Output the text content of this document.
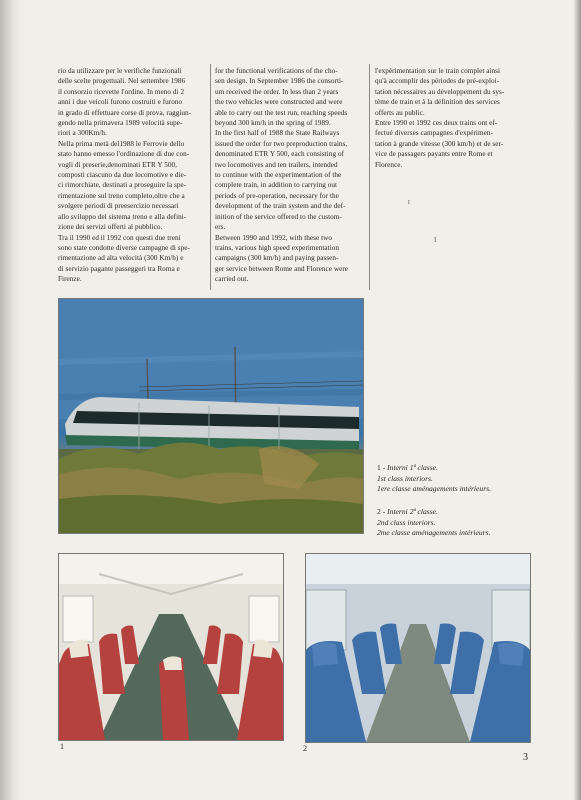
rio da utilizzare per le verifiche funzionali
delle scelte progettuali. Nel settembre 1986
il consorzio ricevette l'ordine. In meno di 2
anni i due veicoli furono costruiti e furono
in grado di effettuare corse di prova, raggiun-
gendo nella primavera 1989 velocità supe-
riori a 300Km/h.
Nella prima metà del1988 le Ferrovie dello
stato hanno emesso l'ordinazione di due con-
vogli di preserie,denominati ETR Y 500,
composti ciascuno da due locomotive e die-
ci rimorchiate, destinati a proseguire la spe-
rimentazione sul treno completo,oltre che a
svolgere periodi di preesercizio necessari
allo sviluppo del sistema treno e alla defini-
zione dei servizi offerti al pubblico.
Tra il 1990 ed il 1992 con questi due treni
sono state condotte diverse campagne di spe-
rimentazione ad alta velocità (300 Km/h) e
di servizio pagante passeggeri tra Roma e
Firenze.
for the functional verifications of the cho-
sen design. In September 1986 the consorti-
um received the order. In less than 2 years
the two vehicles were constructed and were
able to carry out the test run, reaching speeds
beyond 300 km/h in the spring of 1989.
In the first half of 1988 the State Railways
issued the order for two preproduction trains,
denominated ETR Y 500, each consisting of
two locomotives and ten trailers, intended
to continue with the experimentation of the
complete train, in addition to carrying out
periods of pre-operation, necessary for the
development of the train system and the def-
inition of the service offered to the custom-
ers.
Between 1990 and 1992, with these two
trains, various high speed experimentation
campaigns (300 km/h) and paying passen-
ger service between Rome and Florence were
carried out.
l'expérimentation sur le train complet ainsi
qu'à accomplir des périodes de pré-exploi-
tation nécessaires au développement du sys-
tème de train et à la définition des services
offerts au public.
Entre 1990 et 1992 ces deux trains ont ef-
fectué diverses campagnes d'expérimen-
tation à grande vitesse (300 km/h) et de ser-
vice de passagers payants entre Rome et
Florence.
t
I
1 - Interni 1ª classe.
1st class interiors.
1ere classe aménagements intérieurs.
2 - Interni 2ª classe.
2nd class interiors.
2me classe aménagements intérieurs.
1	2
3
